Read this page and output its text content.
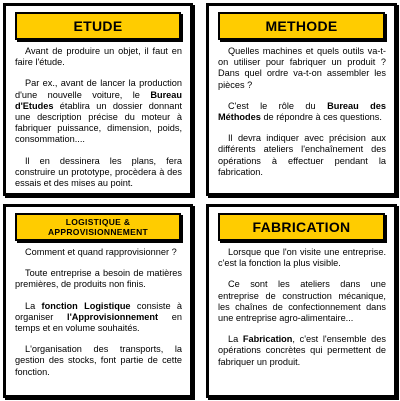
ETUDE

Avant de produire un objet, il faut en faire l'étude.

Par ex., avant de lancer la production d'une nouvelle voiture, le Bureau d'Etudes établira un dossier donnant une description précise du moteur à fabriquer puissance, dimension, poids, consommation....

Il en dessinera les plans, fera construire un prototype, procèdera à des essais et des mises au point.

METHODE

Quelles machines et quels outils va-t-on utiliser pour fabriquer un produit ? Dans quel ordre va-t-on assembler les pièces ?

C'est le rôle du Bureau des Méthodes de répondre à ces questions.

Il devra indiquer avec précision aux différents ateliers l'enchaînement des opérations à effectuer pendant la fabrication.

LOGISTIQUE &
APPROVISIONNEMENT

Comment et quand rapprovisionner ?

Toute entreprise a besoin de matières premières, de produits non finis.

La fonction Logistique consiste à organiser l'Approvisionnement en temps et en volume souhaités.

L'organisation des transports, la gestion des stocks, font partie de cette fonction.

FABRICATION

Lorsque que l'on visite une entreprise. c'est la fonction la plus visible.

Ce sont les ateliers dans une entreprise de construction mécanique, les chaînes de confectionnement dans une entreprise agro-alimentaire...

La Fabrication, c'est l'ensemble des opérations concrètes qui permettent de fabriquer un produit.
